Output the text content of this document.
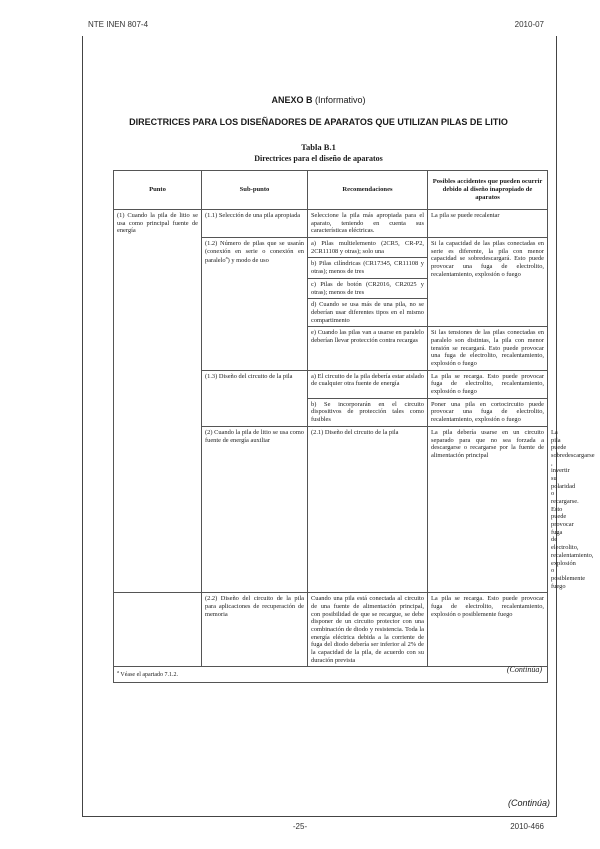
NTE INEN 807-4	2010-07
ANEXO B (Informativo)
DIRECTRICES PARA LOS DISEÑADORES DE APARATOS QUE UTILIZAN PILAS DE LITIO
Tabla B.1
Directrices para el diseño de aparatos
Punto	Sub-punto	Recomendaciones	Posibles accidentes que pueden ocurrir debido al diseño inapropiado de aparatos	
(1) Cuando la pila de litio se usa como principal fuente de energía	(1.1) Selección de una pila apropiada	Seleccione la pila más apropiada para el aparato, teniendo en cuenta sus características eléctricas.	La pila se puede recalentar	
	(1.2) Número de pilas que se usarán (conexión en serie o conexión en paralelo$^a$) y modo de uso	a) Pilas multielemento (2CR5, CR-P2, 2CR11108 y otras); solo una	Si la capacidad de las pilas conectadas en serie es diferente, la pila con menor capacidad se sobredescargará. Esto puede provocar una fuga de electrolito, recalentamiento, explosión o fuego	
		b) Pilas cilíndricas (CR17345, CR11108 y otras); menos de tres		
		c) Pilas de botón (CR2016, CR2025 y otras); menos de tres		
		d) Cuando se usa más de una pila, no se deberían usar diferentes tipos en el mismo compartimento		
		e) Cuando las pilas van a usarse en paralelo deberían llevar protección contra recargas	Si las tensiones de las pilas conectadas en paralelo son distintas, la pila con menor tensión se recargará. Esto puede provocar una fuga de electrolito, recalentamiento, explosión o fuego	
	(1.3) Diseño del circuito de la pila	a) El circuito de la pila debería estar aislado de cualquier otra fuente de energía	La pila se recarga. Esto puede provocar fuga de electrolito, recalentamiento, explosión o fuego	
		b) Se incorporarán en el circuito dispositivos de protección tales como fusibles	Poner una pila en cortocircuito puede provocar una fuga de electrolito, recalentamiento, explosión o fuego	
	(2) Cuando la pila de litio se usa como fuente de energía auxiliar	(2.1) Diseño del circuito de la pila	La pila debería usarse en un circuito separado para que no sea forzada a descargarse o recargarse por la fuente de alimentación principal	La pila puede sobredescargarse , invertir su polaridad o recargarse. Esto puede provocar fuga de electrolito, recalentamiento, explosión o posiblemente fuego
	(2.2) Diseño del circuito de la pila para aplicaciones de recuperación de memoria	Cuando una pila está conectada al circuito de una fuente de alimentación principal, con posibilidad de que se recargue, se debe disponer de un circuito protector con una combinación de diodo y resistencia. Toda la energía eléctrica debida a la corriente de fuga del diodo debería ser inferior al 2% de la capacidad de la pila, de acuerdo con su duración prevista	La pila se recarga. Esto puede provocar fuga de electrolito, recalentamiento, explosión o posiblemente fuego	
$^a$ Véase el apartado 7.1.2.				
(Continúa)
(Continúa)
-25-	2010-466
